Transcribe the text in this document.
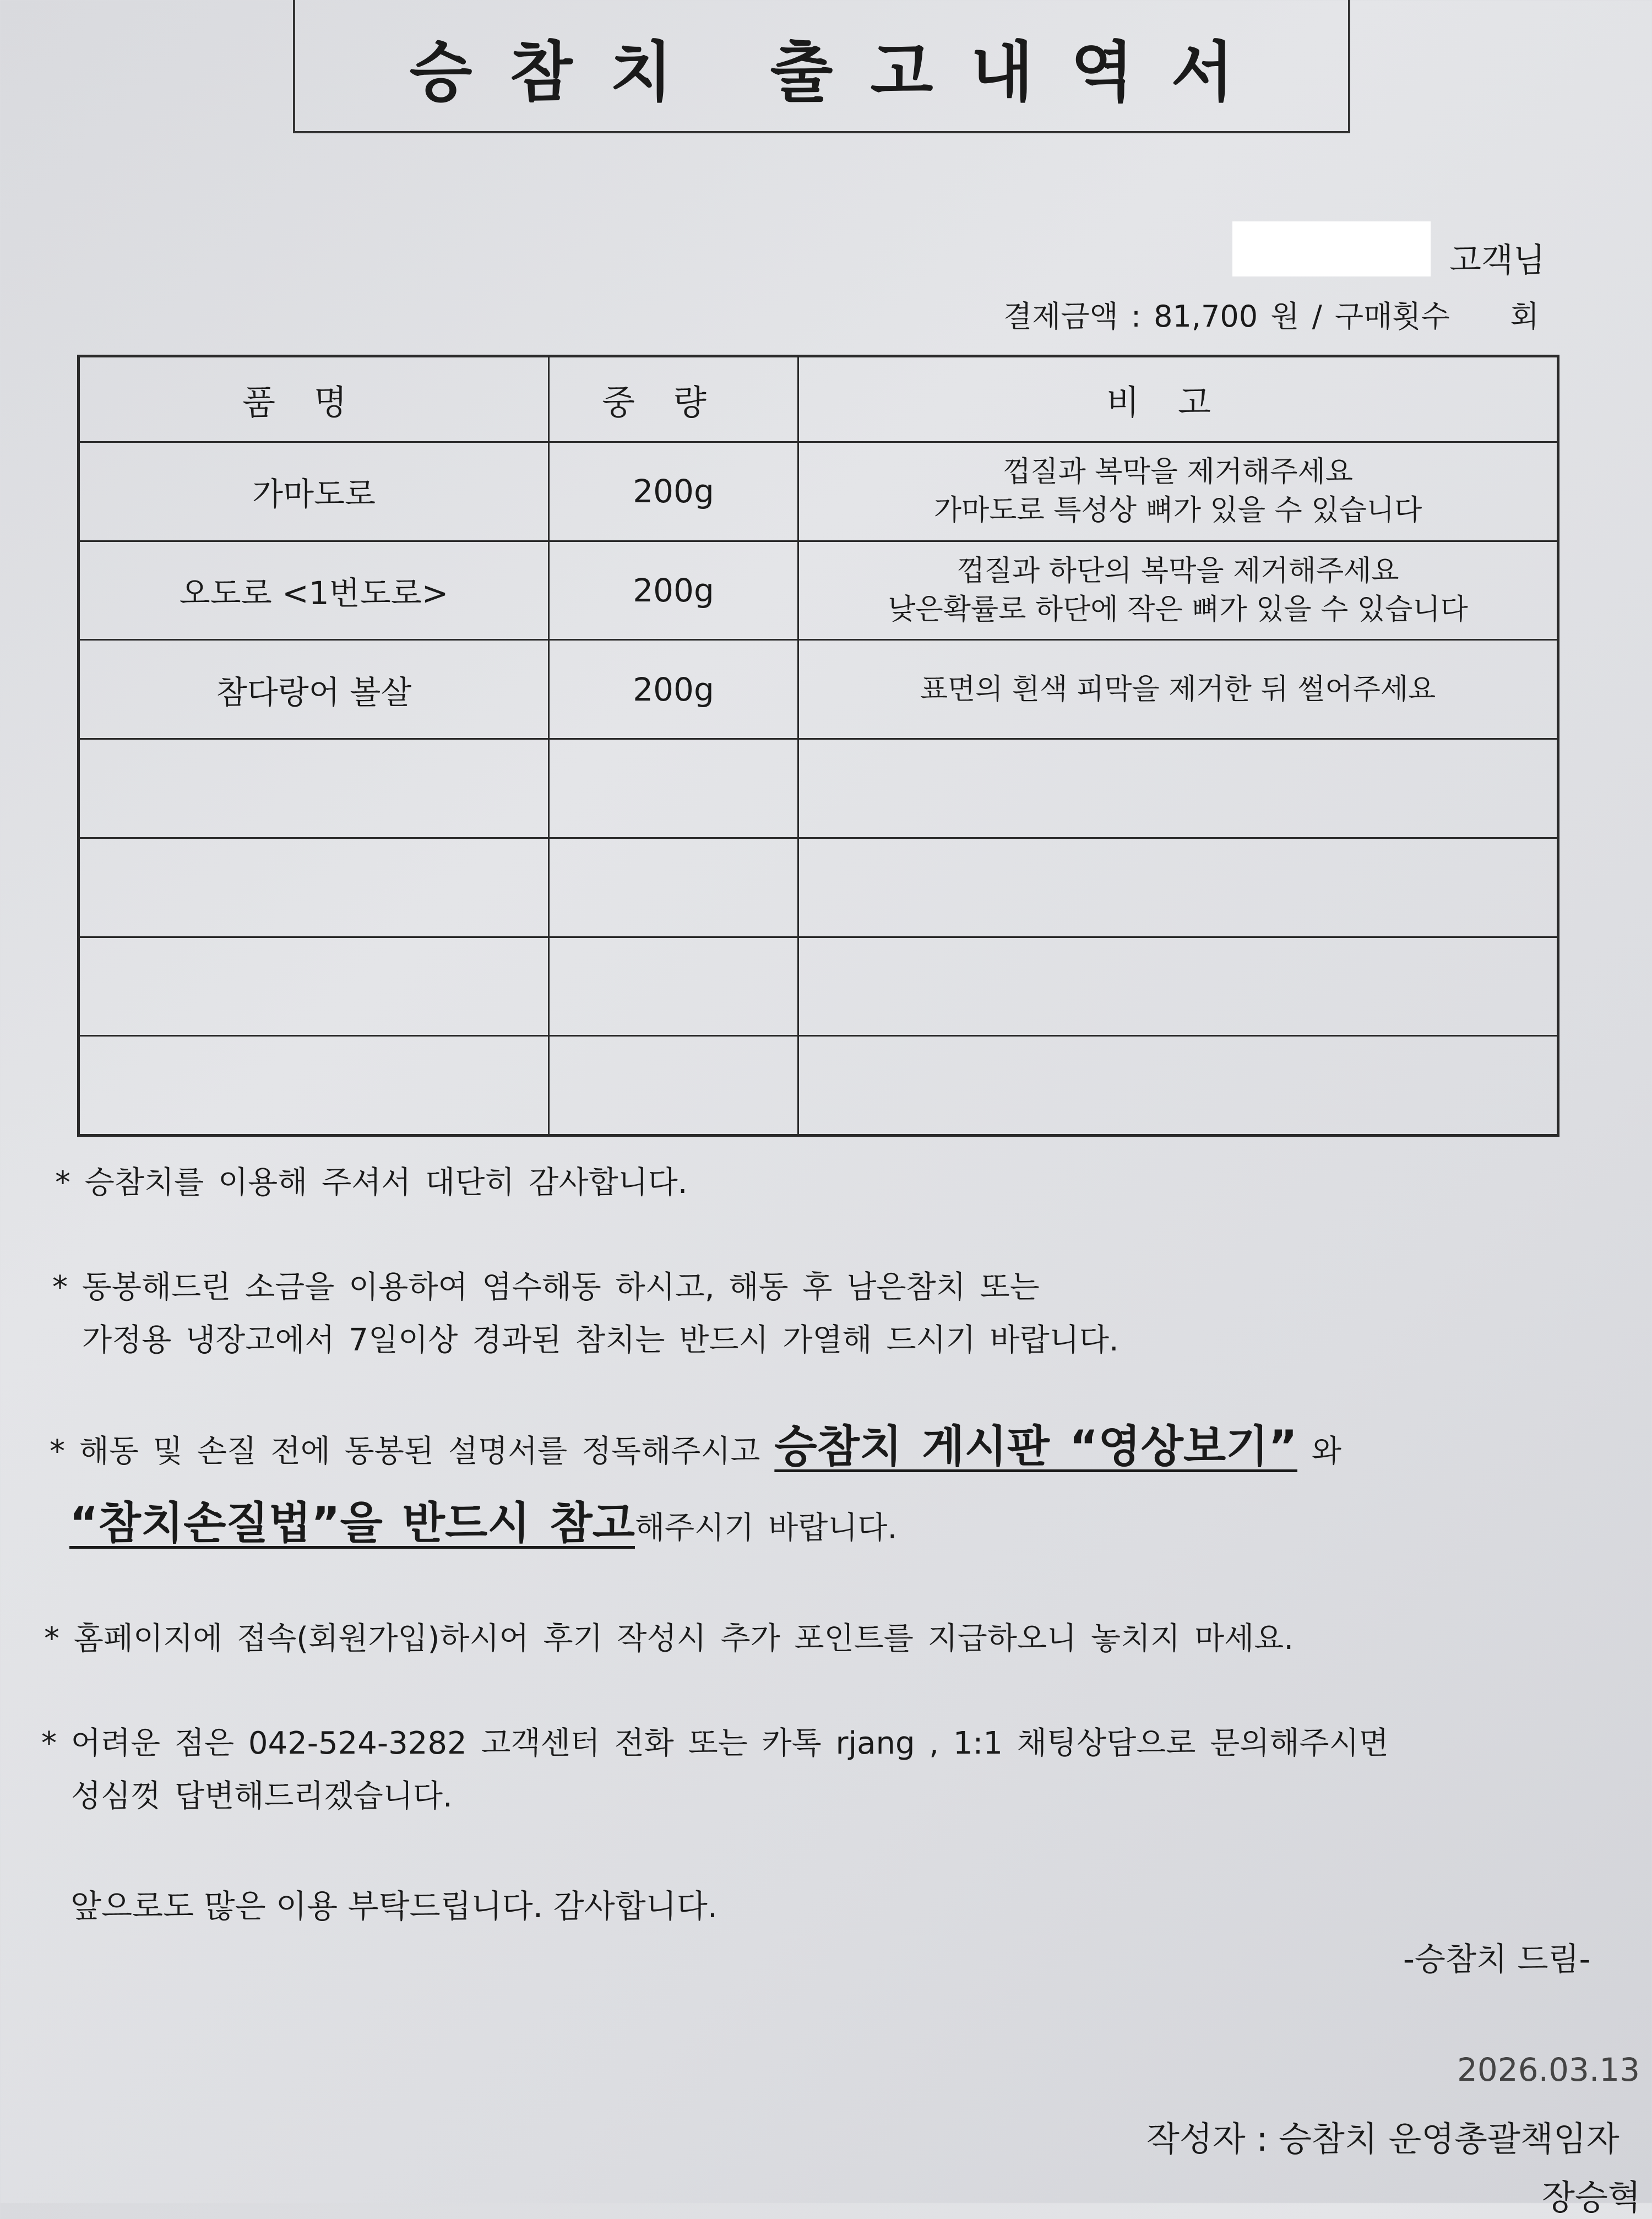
승참치 출고내역서
고객님
결제금액 : 81,700 원 / 구매횟수 회
품명	중량	비고
가마도로	200g	껍질과 복막을 제거해주세요
가마도로 특성상 뼈가 있을 수 있습니다

오도로 <1번도로>	200g	껍질과 하단의 복막을 제거해주세요
낮은확률로 하단에 작은 뼈가 있을 수 있습니다

참다랑어 볼살	200g	표면의 흰색 피막을 제거한 뒤 썰어주세요

* 승참치를 이용해 주셔서 대단히 감사합니다.
* 동봉해드린 소금을 이용하여 염수해동 하시고, 해동 후 남은참치 또는
가정용 냉장고에서 7일이상 경과된 참치는 반드시 가열해 드시기 바랍니다.
* 해동 및 손질 전에 동봉된 설명서를 정독해주시고 승참치 게시판 “영상보기” 와
“참치손질법”을 반드시 참고해주시기 바랍니다.
* 홈페이지에 접속(회원가입)하시어 후기 작성시 추가 포인트를 지급하오니 놓치지 마세요.
* 어려운 점은 042-524-3282 고객센터 전화 또는 카톡 rjang , 1:1 채팅상담으로 문의해주시면
성심껏 답변해드리겠습니다.
앞으로도 많은 이용 부탁드립니다. 감사합니다.
-승참치 드림-
2026.03.13
작성자 : 승참치 운영총괄책임자
장승혁
